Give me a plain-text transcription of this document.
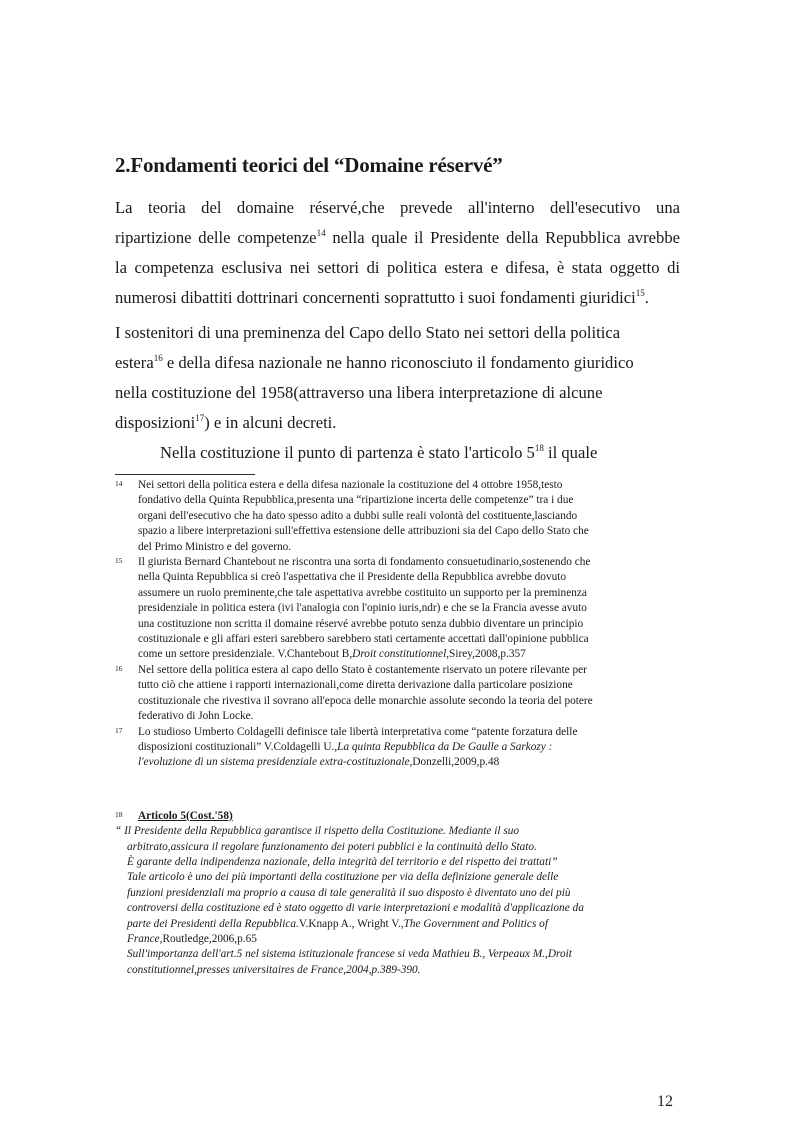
2.Fondamenti teorici del “Domaine réservé”

La teoria del domaine réservé,che prevede all'interno dell'esecutivo una
ripartizione delle competenze$^{14}$ nella quale il Presidente della Repubblica avrebbe
la competenza esclusiva nei settori di politica estera e difesa, è stata oggetto di
numerosi dibattiti dottrinari concernenti soprattutto i suoi fondamenti giuridici$^{15}$.

I sostenitori di una preminenza del Capo dello Stato nei settori della politica
estera$^{16}$ e della difesa nazionale ne hanno riconosciuto il fondamento giuridico
nella costituzione del 1958(attraverso una libera interpretazione di alcune
disposizioni$^{17}$) e in alcuni decreti.

Nella costituzione il punto di partenza è stato l'articolo $5^{18}$ il quale

14 Nei settori della politica estera e della difesa nazionale la costituzione del 4 ottobre 1958,testo
fondativo della Quinta Repubblica,presenta una “ripartizione incerta delle competenze” tra i due
organi dell'esecutivo che ha dato spesso adito a dubbi sulle reali volontà del costituente,lasciando
spazio a libere interpretazioni sull'effettiva estensione delle attribuzioni sia del Capo dello Stato che
del Primo Ministro e del governo.
15 Il giurista Bernard Chantebout ne riscontra una sorta di fondamento consuetudinario,sostenendo che
nella Quinta Repubblica si creò l'aspettativa che il Presidente della Repubblica avrebbe dovuto
assumere un ruolo preminente,che tale aspettativa avrebbe costituito un supporto per la preminenza
presidenziale in politica estera (ivi l'analogia con l'opinio iuris,ndr) e che se la Francia avesse avuto
una costituzione non scritta il domaine réservé avrebbe potuto senza dubbio diventare un principio
costituzionale e gli affari esteri sarebbero sarebbero stati certamente accettati dall'opinione pubblica
come un settore presidenziale. V.Chantebout B,Droit constitutionnel,Sirey,2008,p.357
16 Nel settore della politica estera al capo dello Stato è costantemente riservato un potere rilevante per
tutto ciò che attiene i rapporti internazionali,come diretta derivazione dalla particolare posizione
costituzionale che rivestiva il sovrano all'epoca delle monarchie assolute secondo la teoria del potere
federativo di John Locke.
17 Lo studioso Umberto Coldagelli definisce tale libertà interpretativa come “patente forzatura delle
disposizioni costituzionali” V.Coldagelli U.,La quinta Repubblica da De Gaulle a Sarkozy :
l'evoluzione di un sistema presidenziale extra-costituzionale,Donzelli,2009,p.48
18 Articolo 5(Cost.'58)
“ Il Presidente della Repubblica garantisce il rispetto della Costituzione. Mediante il suo
arbitrato,assicura il regolare funzionamento dei poteri pubblici e la continuità dello Stato.
È garante della indipendenza nazionale, della integrità del territorio e del rispetto dei trattati”
Tale articolo è uno dei più importanti della costituzione per via della definizione generale delle
funzioni presidenziali ma proprio a causa di tale generalità il suo disposto è diventato uno dei più
controversi della costituzione ed è stato oggetto di varie interpretazioni e modalità d'applicazione da
parte dei Presidenti della Repubblica.V.Knapp A., Wright V.,The Government and Politics of
France,Routledge,2006,p.65
Sull'importanza dell'art.5 nel sistema istituzionale francese si veda Mathieu B., Verpeaux M.,Droit
constitutionnel,presses universitaires de France,2004,p.389-390.
12
